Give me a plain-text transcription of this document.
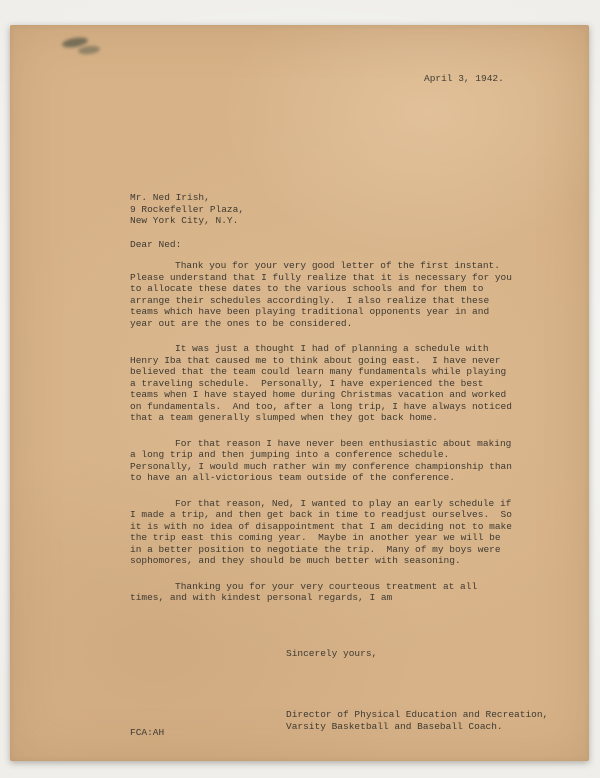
April 3, 1942.
Mr. Ned Irish,
9 Rockefeller Plaza,
New York City, N.Y.
Dear Ned:

Thank you for your very good letter of the first instant.  Please understand that I fully realize that it is necessary for you to allocate these dates to the various schools and for them to arrange their schedules accordingly.  I also realize that these teams which have been playing traditional opponents year in and year out are the ones to be considered.

It was just a thought I had of planning a schedule with Henry Iba that caused me to think about going east.  I have never believed that the team could learn many fundamentals while playing a traveling schedule.  Personally, I have experienced the best teams when I have stayed home during Christmas vacation and worked on fundamentals.  And too, after a long trip, I have always noticed that a team generally slumped when they got back home.

For that reason I have never been enthusiastic about making a long trip and then jumping into a conference schedule.  Personally, I would much rather win my conference championship than to have an all-victorious team outside of the conference.

For that reason, Ned, I wanted to play an early schedule if I made a trip, and then get back in time to readjust ourselves.  So it is with no idea of disappointment that I am deciding not to make the trip east this coming year.  Maybe in another year we will be in a better position to negotiate the trip.  Many of my boys were sophomores, and they should be much better with seasoning.

Thanking you for your very courteous treatment at all times, and with kindest personal regards, I am

Sincerely yours,
Director of Physical Education and Recreation,
Varsity Basketball and Baseball Coach.
FCA:AH
